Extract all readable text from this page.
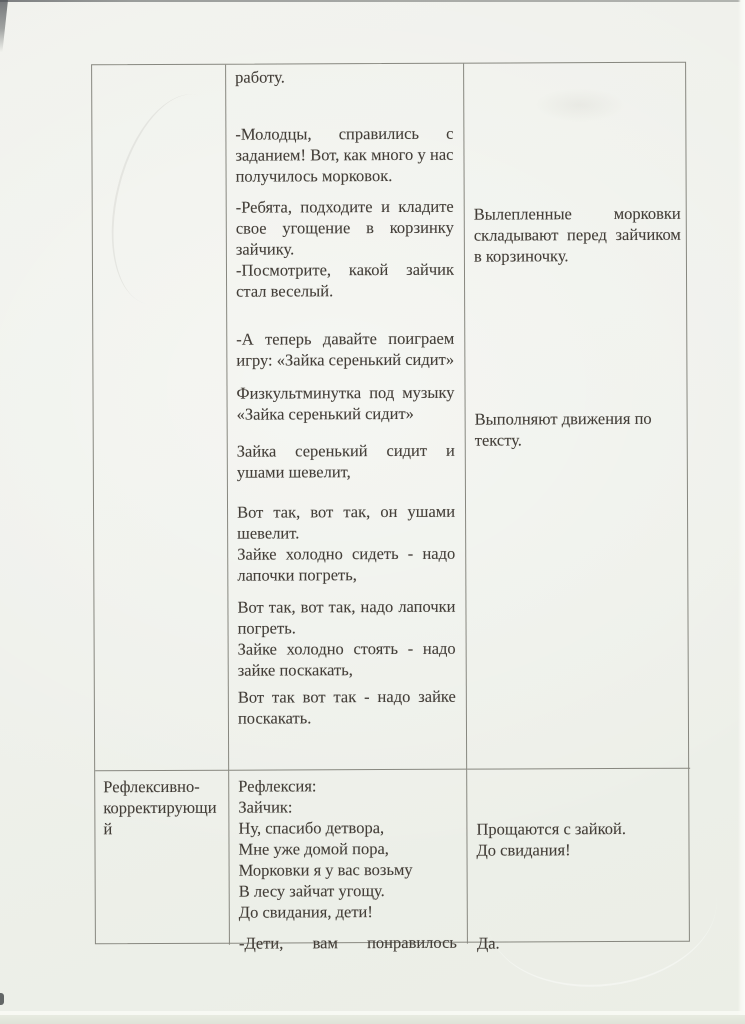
работу.

-Молодцы, справились с заданием! Вот, как много у нас получилось морковок.

-Ребята, подходите и кладите свое угощение в корзинку зайчику.
-Посмотрите, какой зайчик стал веселый.

-А теперь давайте поиграем игру: «Зайка серенький сидит»

Физкультминутка под музыку «Зайка серенький сидит»

Зайка серенький сидит и ушами шевелит,

Вот так, вот так, он ушами шевелит.
Зайке холодно сидеть - надо лапочки погреть,

Вот так, вот так, надо лапочки погреть.
Зайке холодно стоять - надо зайке поскакать,

Вот так вот так - надо зайке поскакать.

Вылепленные морковки складывают перед зайчиком в корзиночку.
Выполняют движения по тексту.
Рефлексивно-
корректирующи
й

Рефлексия:
Зайчик:
Ну, спасибо детвора,
Мне уже домой пора,
Морковки я у вас возьму
В лесу зайчат угощу.
До свидания, дети!

-Дети, вам понравилось

Прощаются с зайкой.
До свидания!
Да.
